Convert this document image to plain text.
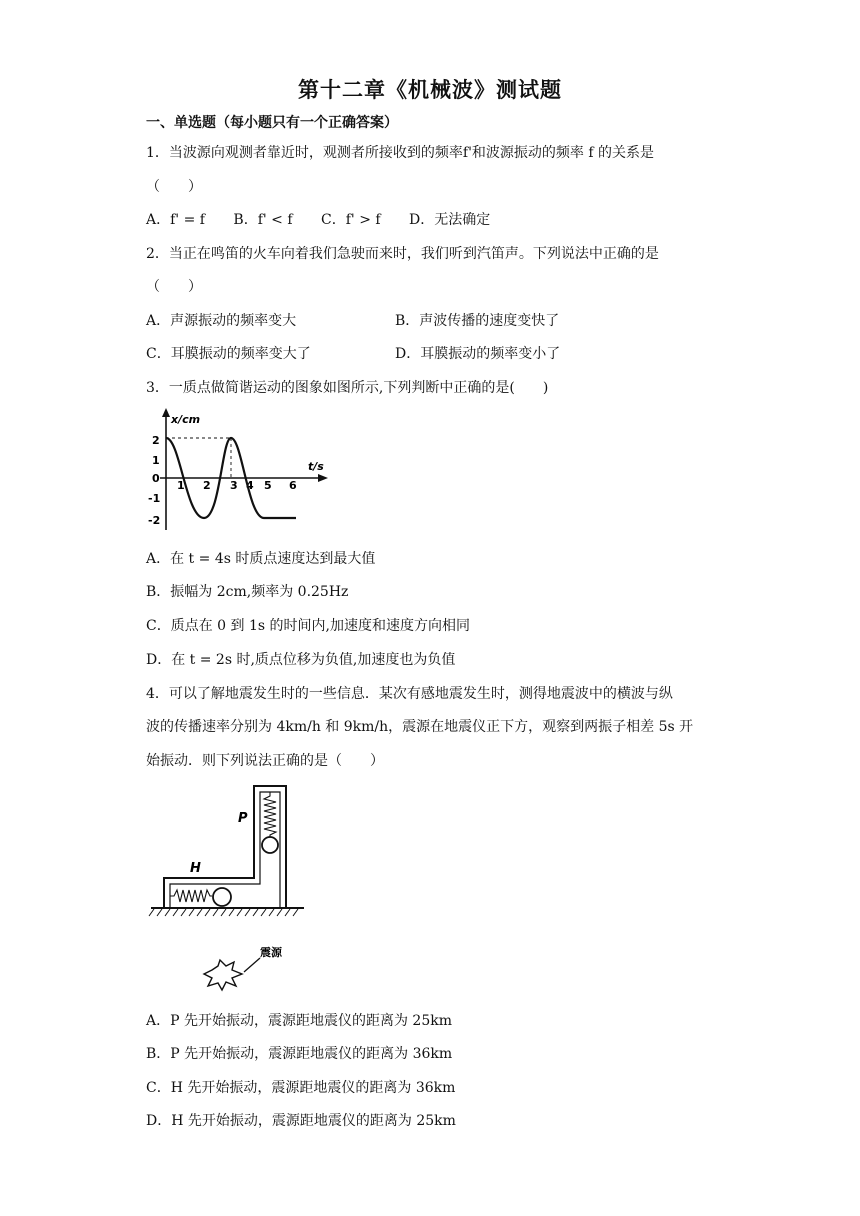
第十二章《机械波》测试题
一、单选题（每小题只有一个正确答案）
1．当波源向观测者靠近时，观测者所接收到的频率f'和波源振动的频率 f 的关系是
（　　）
A．f' = f B．f' < f C．f' > f D．无法确定
2．当正在鸣笛的火车向着我们急驶而来时，我们听到汽笛声。下列说法中正确的是
（　　）
A．声源振动的频率变大	B．声波传播的速度变快了
C．耳膜振动的频率变大了	D．耳膜振动的频率变小了
3．一质点做简谐运动的图象如图所示,下列判断中正确的是(　　)
x/cm
t/s
2
1
0
-1
-2
1 2 3 4 5 6
A．在 t = 4s 时质点速度达到最大值
B．振幅为 2cm,频率为 0.25Hz
C．质点在 0 到 1s 的时间内,加速度和速度方向相同
D．在 t = 2s 时,质点位移为负值,加速度也为负值
4．可以了解地震发生时的一些信息．某次有感地震发生时，测得地震波中的横波与纵
波的传播速率分别为 4km/h 和 9km/h，震源在地震仪正下方，观察到两振子相差 5s 开
始振动．则下列说法正确的是（　　）
P
H
震源
A．P 先开始振动，震源距地震仪的距离为 25km
B．P 先开始振动，震源距地震仪的距离为 36km
C．H 先开始振动，震源距地震仪的距离为 36km
D．H 先开始振动，震源距地震仪的距离为 25km
